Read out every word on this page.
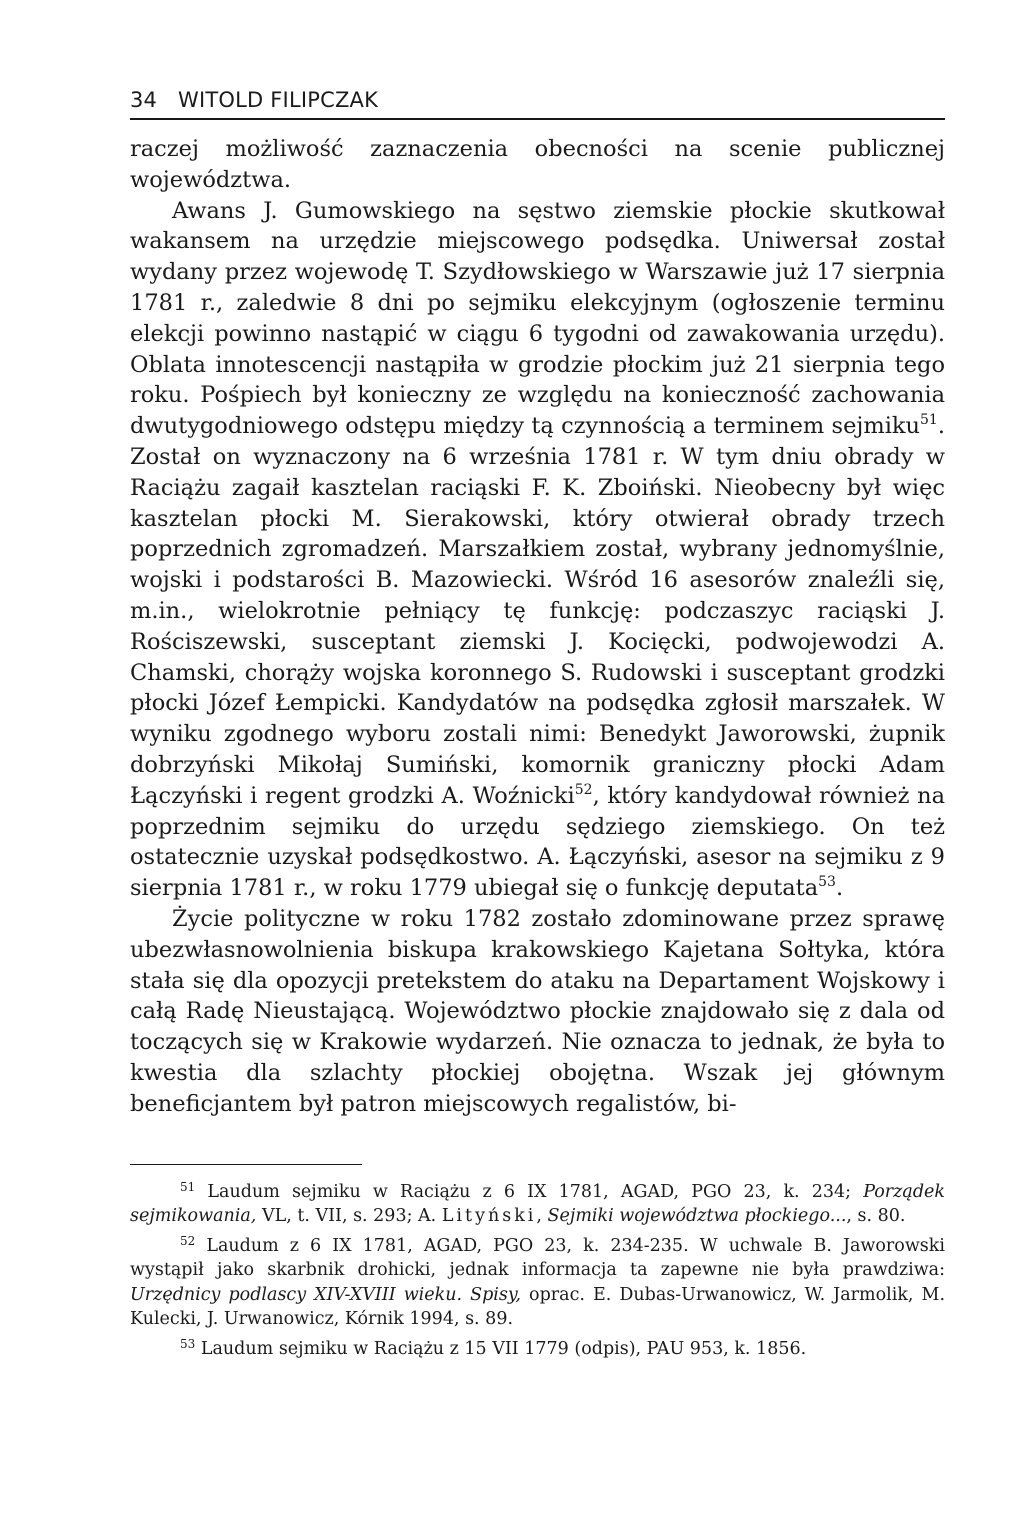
34 WITOLD FILIPCZAK

raczej możliwość zaznaczenia obecności na scenie publicznej województwa.

Awans J. Gumowskiego na sęstwo ziemskie płockie skutkował wakansem na urzędzie miejscowego podsędka. Uniwersał został wydany przez wojewodę T. Szydłowskiego w Warszawie już 17 sierpnia 1781 r., zaledwie 8 dni po sejmiku elekcyjnym (ogłoszenie terminu elekcji powinno nastąpić w ciągu 6 tygodni od zawakowania urzędu). Oblata innotescencji nastąpiła w grodzie płockim już 21 sierpnia tego roku. Pośpiech był konieczny ze względu na konieczność zachowania dwutygodniowego odstępu między tą czynnością a terminem sejmiku$^{51}$. Został on wyznaczony na 6 września 1781 r. W tym dniu obrady w Raciążu zagaił kasztelan raciąski F. K. Zboiński. Nieobecny był więc kasztelan płocki M. Sierakowski, który otwierał obrady trzech poprzednich zgromadzeń. Marszałkiem został, wybrany jednomyślnie, wojski i podstarości B. Mazowiecki. Wśród 16 asesorów znaleźli się, m.in., wielokrotnie pełniący tę funkcję: podczaszyc raciąski J. Rościszewski, susceptant ziemski J. Kocięcki, podwojewodzi A. Chamski, chorąży wojska koronnego S. Rudowski i susceptant grodzki płocki Józef Łempicki. Kandydatów na podsędka zgłosił marszałek. W wyniku zgodnego wyboru zostali nimi: Benedykt Jaworowski, żupnik dobrzyński Mikołaj Sumiński, komornik graniczny płocki Adam Łączyński i regent grodzki A. Woźnicki$^{52}$, który kandydował również na poprzednim sejmiku do urzędu sędziego ziemskiego. On też ostatecznie uzyskał podsędkostwo. A. Łączyński, asesor na sejmiku z 9 sierpnia 1781 r., w roku 1779 ubiegał się o funkcję deputata$^{53}$.

Życie polityczne w roku 1782 zostało zdominowane przez sprawę ubezwłasnowolnienia biskupa krakowskiego Kajetana Sołtyka, która stała się dla opozycji pretekstem do ataku na Departament Wojskowy i całą Radę Nieustającą. Województwo płockie znajdowało się z dala od toczących się w Krakowie wydarzeń. Nie oznacza to jednak, że była to kwestia dla szlachty płockiej obojętna. Wszak jej głównym beneficjantem był patron miejscowych regalistów, bi-

$^{51}$ Laudum sejmiku w Raciążu z 6 IX 1781, AGAD, PGO 23, k. 234; Porządek sejmikowania, VL, t. VII, s. 293; A. Lityński, Sejmiki województwa płockiego..., s. 80.

$^{52}$ Laudum z 6 IX 1781, AGAD, PGO 23, k. 234-235. W uchwale B. Jaworowski wystąpił jako skarbnik drohicki, jednak informacja ta zapewne nie była prawdziwa: Urzędnicy podlascy XIV-XVIII wieku. Spisy, oprac. E. Dubas-Urwanowicz, W. Jarmolik, M. Kulecki, J. Urwanowicz, Kórnik 1994, s. 89.

$^{53}$ Laudum sejmiku w Raciążu z 15 VII 1779 (odpis), PAU 953, k. 1856.
